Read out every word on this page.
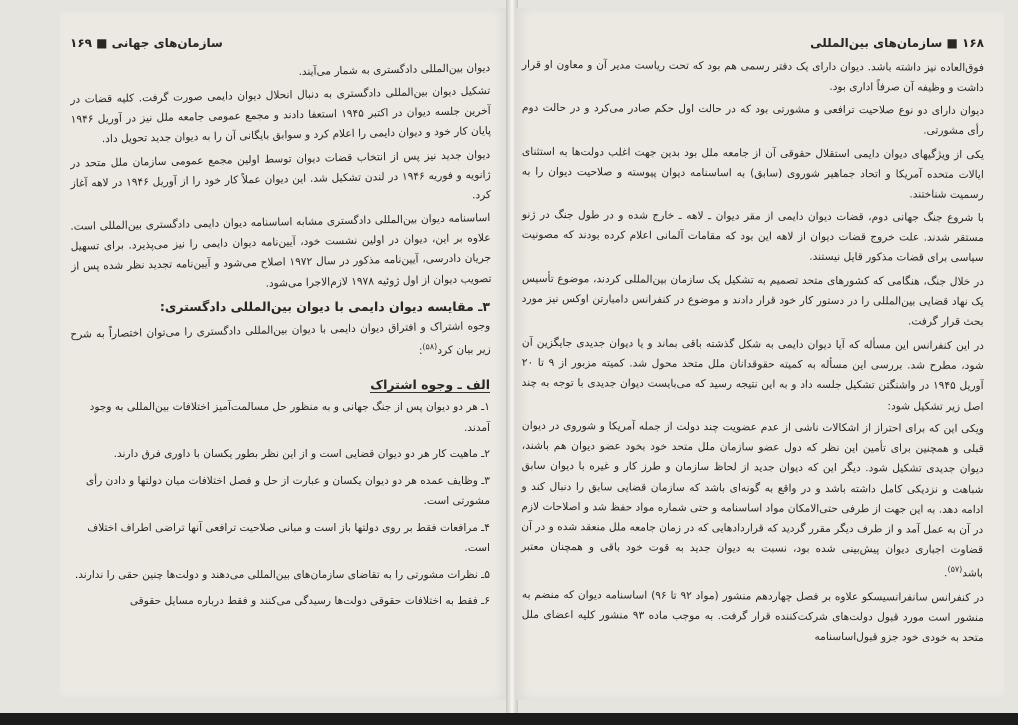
سازمان‌های جهانی ■ ۱۶۹

دیوان بین‌المللی دادگستری به شمار می‌آیند.

تشکیل دیوان بین‌المللی دادگستری به دنبال انحلال دیوان دایمی صورت گرفت. کلیه قضات در آخرین جلسه دیوان در اکتبر ۱۹۴۵ استعفا دادند و مجمع عمومی جامعه ملل نیز در آوریل ۱۹۴۶ پایان کار خود و دیوان دایمی را اعلام کرد و سوابق بایگانی آن را به دیوان جدید تحویل داد.

دیوان جدید نیز پس از انتخاب قضات دیوان توسط اولین مجمع عمومی سازمان ملل متحد در ژانویه و فوریه ۱۹۴۶ در لندن تشکیل شد. این دیوان عملاً کار خود را از آوریل ۱۹۴۶ در لاهه آغاز کرد.

اساسنامه دیوان بین‌المللی دادگستری مشابه اساسنامه دیوان دایمی دادگستری بین‌المللی است. علاوه بر این، دیوان در اولین نشست خود، آیین‌نامه دیوان دایمی را نیز می‌پذیرد. برای تسهیل جریان دادرسی، آیین‌نامه مذکور در سال ۱۹۷۲ اصلاح می‌شود و آیین‌نامه تجدید نظر شده پس از تصویب دیوان از اول ژوئیه ۱۹۷۸ لازم‌الاجرا می‌شود.

۳ـ مقایسه دیوان دایمی با دیوان بین‌المللی دادگستری:

وجوه اشتراک و افتراق دیوان دایمی با دیوان بین‌المللی دادگستری را می‌توان اختصاراً به شرح زیر بیان کرد$^{(۵۸)}$:

الف ـ وجوه اشتراک
۱ـ هر دو دیوان پس از جنگ جهانی و به منظور حل مسالمت‌آمیز اختلافات بین‌المللی به وجود آمدند.
۲ـ ماهیت کار هر دو دیوان قضایی است و از این نظر بطور یکسان با داوری فرق دارند.
۳ـ وظایف عمده هر دو دیوان یکسان و عبارت از حل و فصل اختلافات میان دولتها و دادن رأی مشورتی است.
۴ـ مرافعات فقط بر روی دولتها باز است و مبانی صلاحیت ترافعی آنها تراضی اطراف اختلاف است.
۵ـ نظرات مشورتی را به تقاضای سازمان‌های بین‌المللی می‌دهند و دولت‌ها چنین حقی را ندارند.
۶ـ فقط به اختلافات حقوقی دولت‌ها رسیدگی می‌کنند و فقط درباره مسایل حقوقی
۱۶۸ ■ سازمان‌های بین‌المللی

فوق‌العاده نیز داشته باشد. دیوان دارای یک دفتر رسمی هم بود که تحت ریاست مدیر آن و معاون او قرار داشت و وظیفه آن صرفاً اداری بود.

دیوان دارای دو نوع صلاحیت ترافعی و مشورتی بود که در حالت اول حکم صادر می‌کرد و در حالت دوم رأی مشورتی.

یکی از ویژگیهای دیوان دایمی استقلال حقوقی آن از جامعه ملل بود بدین جهت اغلب دولت‌ها به استثنای ایالات متحده آمریکا و اتحاد جماهیر شوروی (سابق) به اساسنامه دیوان پیوسته و صلاحیت دیوان را به رسمیت شناختند.

با شروع جنگ جهانی دوم، قضات دیوان دایمی از مقر دیوان ـ لاهه ـ خارج شده و در طول جنگ در ژنو مستقر شدند. علت خروج قضات دیوان از لاهه این بود که مقامات آلمانی اعلام کرده بودند که مصونیت سیاسی برای قضات مذکور قایل نیستند.

در خلال جنگ، هنگامی که کشورهای متحد تصمیم به تشکیل یک سازمان بین‌المللی کردند، موضوع تأسیس یک نهاد قضایی بین‌المللی را در دستور کار خود قرار دادند و موضوع در کنفرانس دامبارتن اوکس نیز مورد بحث قرار گرفت.

در این کنفرانس این مسأله که آیا دیوان دایمی به شکل گذشته باقی بماند و یا دیوان جدیدی جایگزین آن شود، مطرح شد. بررسی این مسأله به کمیته حقوقدانان ملل متحد محول شد. کمیته مزبور از ۹ تا ۲۰ آوریل ۱۹۴۵ در واشنگتن تشکیل جلسه داد و به این نتیجه رسید که می‌بایست دیوان جدیدی با توجه به چند اصل زیر تشکیل شود:

ویکی این که برای احتراز از اشکالات ناشی از عدم عضویت چند دولت از جمله آمریکا و شوروی در دیوان قبلی و همچنین برای تأمین این نظر که دول عضو سازمان ملل متحد خود بخود عضو دیوان هم باشند، دیوان جدیدی تشکیل شود. دیگر این که دیوان جدید از لحاظ سازمان و طرز کار و غیره با دیوان سابق شباهت و نزدیکی کامل داشته باشد و در واقع به گونه‌ای باشد که سازمان قضایی سابق را دنبال کند و ادامه دهد. به این جهت از طرفی حتی‌الامکان مواد اساسنامه و حتی شماره مواد حفظ شد و اصلاحات لازم در آن به عمل آمد و از طرف دیگر مقرر گردید که قراردادهایی که در زمان جامعه ملل منعقد شده و در آن قضاوت اجباری دیوان پیش‌بینی شده بود، نسبت به دیوان جدید به قوت خود باقی و همچنان معتبر باشد$^{(۵۷)}$.

در کنفرانس سانفرانسیسکو علاوه بر فصل چهاردهم منشور (مواد ۹۲ تا ۹۶) اساسنامه دیوان که منضم به منشور است مورد قبول دولت‌های شرکت‌کننده قرار گرفت. به موجب ماده ۹۳ منشور کلیه اعضای ملل متحد به خودی خود جزو قبول‌اساسنامه
